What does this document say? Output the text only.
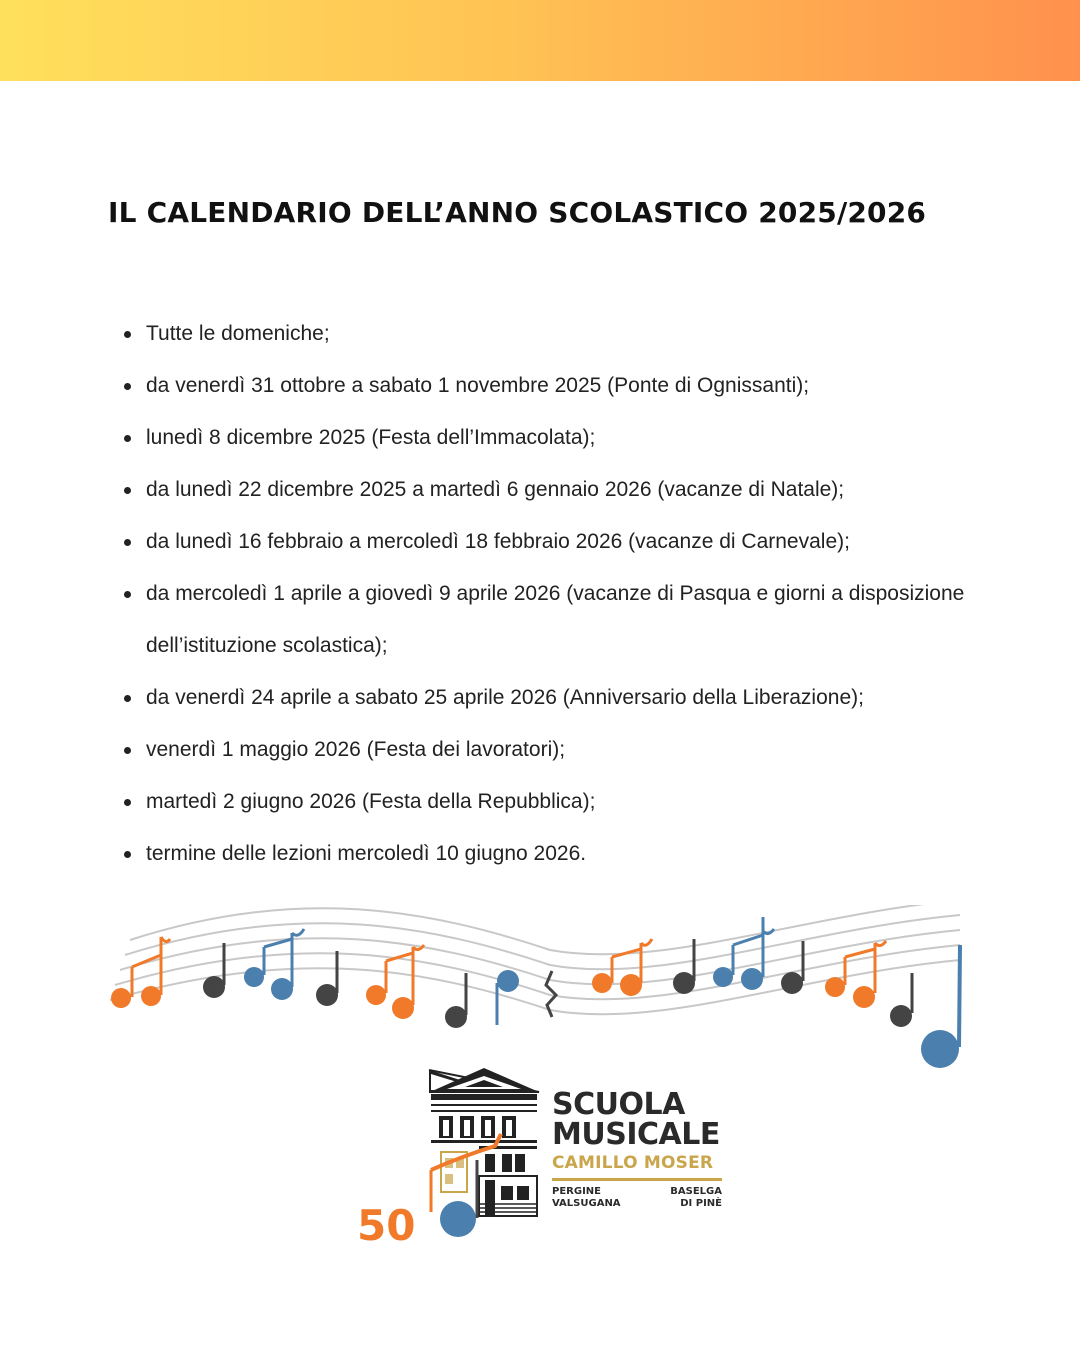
IL CALENDARIO DELL’ANNO SCOLASTICO 2025/2026
Tutte le domeniche;
da venerdì 31 ottobre a sabato 1 novembre 2025 (Ponte di Ognissanti);
lunedì 8 dicembre 2025 (Festa dell’Immacolata);
da lunedì 22 dicembre 2025 a martedì 6 gennaio 2026 (vacanze di Natale);
da lunedì 16 febbraio a mercoledì 18 febbraio 2026 (vacanze di Carnevale);
da mercoledì 1 aprile a giovedì 9 aprile 2026 (vacanze di Pasqua e giorni a disposizione dell’istituzione scolastica);
da venerdì 24 aprile a sabato 25 aprile 2026 (Anniversario della Liberazione);
venerdì 1 maggio 2026 (Festa dei lavoratori);
martedì 2 giugno 2026 (Festa della Repubblica);
termine delle lezioni mercoledì 10 giugno 2026.
50
SCUOLA
MUSICALE
CAMILLO MOSER
PERGINE
VALSUGANA
BASELGA
DI PINÈ
